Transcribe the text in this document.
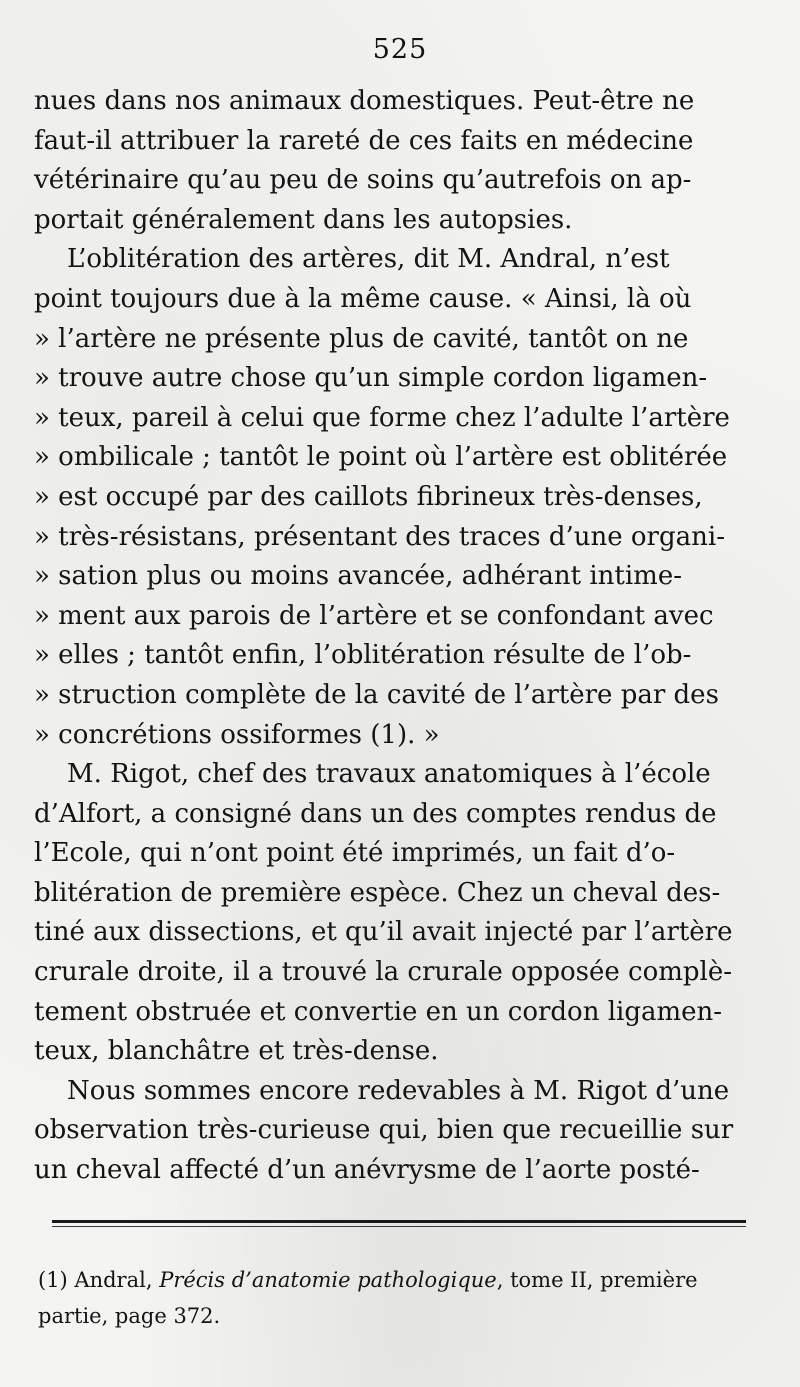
525
nues dans nos animaux domestiques. Peut-être ne
faut-il attribuer la rareté de ces faits en médecine
vétérinaire qu’au peu de soins qu’autrefois on ap-
portait généralement dans les autopsies.
L’oblitération des artères, dit M. Andral, n’est
point toujours due à la même cause. « Ainsi, là où
» l’artère ne présente plus de cavité, tantôt on ne
» trouve autre chose qu’un simple cordon ligamen-
» teux, pareil à celui que forme chez l’adulte l’artère
» ombilicale ; tantôt le point où l’artère est oblitérée
» est occupé par des caillots fibrineux très-denses,
» très-résistans, présentant des traces d’une organi-
» sation plus ou moins avancée, adhérant intime-
» ment aux parois de l’artère et se confondant avec
» elles ; tantôt enfin, l’oblitération résulte de l’ob-
» struction complète de la cavité de l’artère par des
» concrétions ossiformes (1). »
M. Rigot, chef des travaux anatomiques à l’école
d’Alfort, a consigné dans un des comptes rendus de
l’Ecole, qui n’ont point été imprimés, un fait d’o-
blitération de première espèce. Chez un cheval des-
tiné aux dissections, et qu’il avait injecté par l’artère
crurale droite, il a trouvé la crurale opposée complè-
tement obstruée et convertie en un cordon ligamen-
teux, blanchâtre et très-dense.
Nous sommes encore redevables à M. Rigot d’une
observation très-curieuse qui, bien que recueillie sur
un cheval affecté d’un anévrysme de l’aorte posté-
(1) Andral, Précis d’anatomie pathologique, tome II, première
partie, page 372.
